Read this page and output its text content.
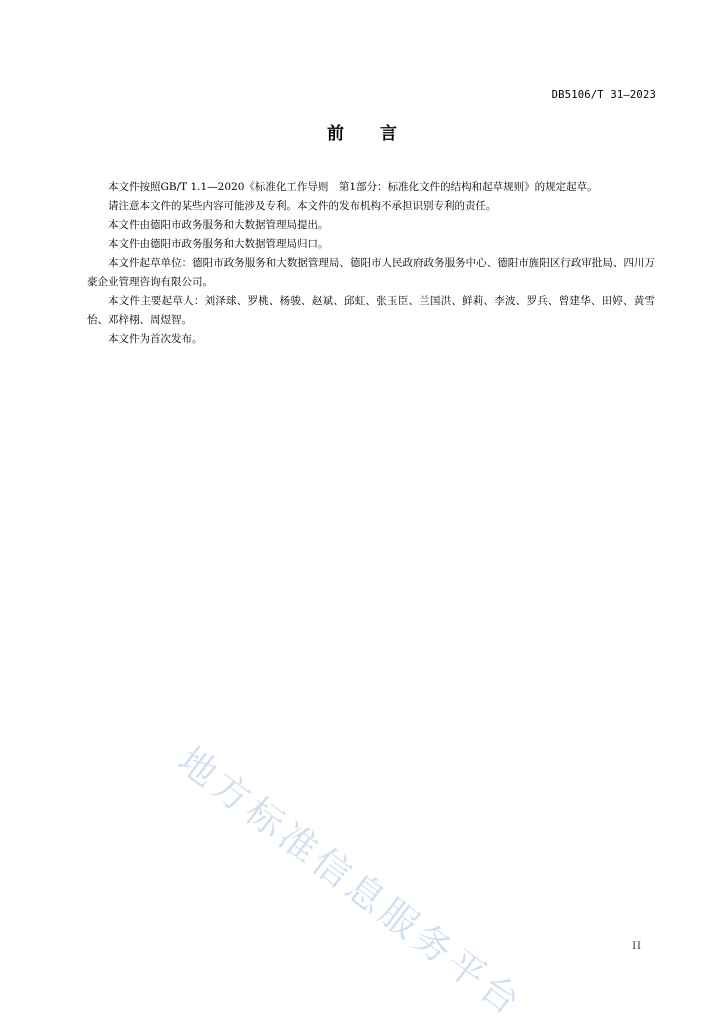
DB5106/T 31—2023
前言

本文件按照GB/T 1.1—2020《标准化工作导则　第1部分：标准化文件的结构和起草规则》的规定起草。

请注意本文件的某些内容可能涉及专利。本文件的发布机构不承担识别专利的责任。

本文件由德阳市政务服务和大数据管理局提出。

本文件由德阳市政务服务和大数据管理局归口。

本文件起草单位：德阳市政务服务和大数据管理局、德阳市人民政府政务服务中心、德阳市旌阳区行政审批局、四川万豪企业管理咨询有限公司。

本文件主要起草人：刘泽球、罗桃、杨骏、赵斌、邱虹、张玉臣、兰国洪、鲜莉、李波、罗兵、曾建华、田婷、黄雪怡、邓梓栩、周煜智。

本文件为首次发布。

地方标准信息服务平台	II
